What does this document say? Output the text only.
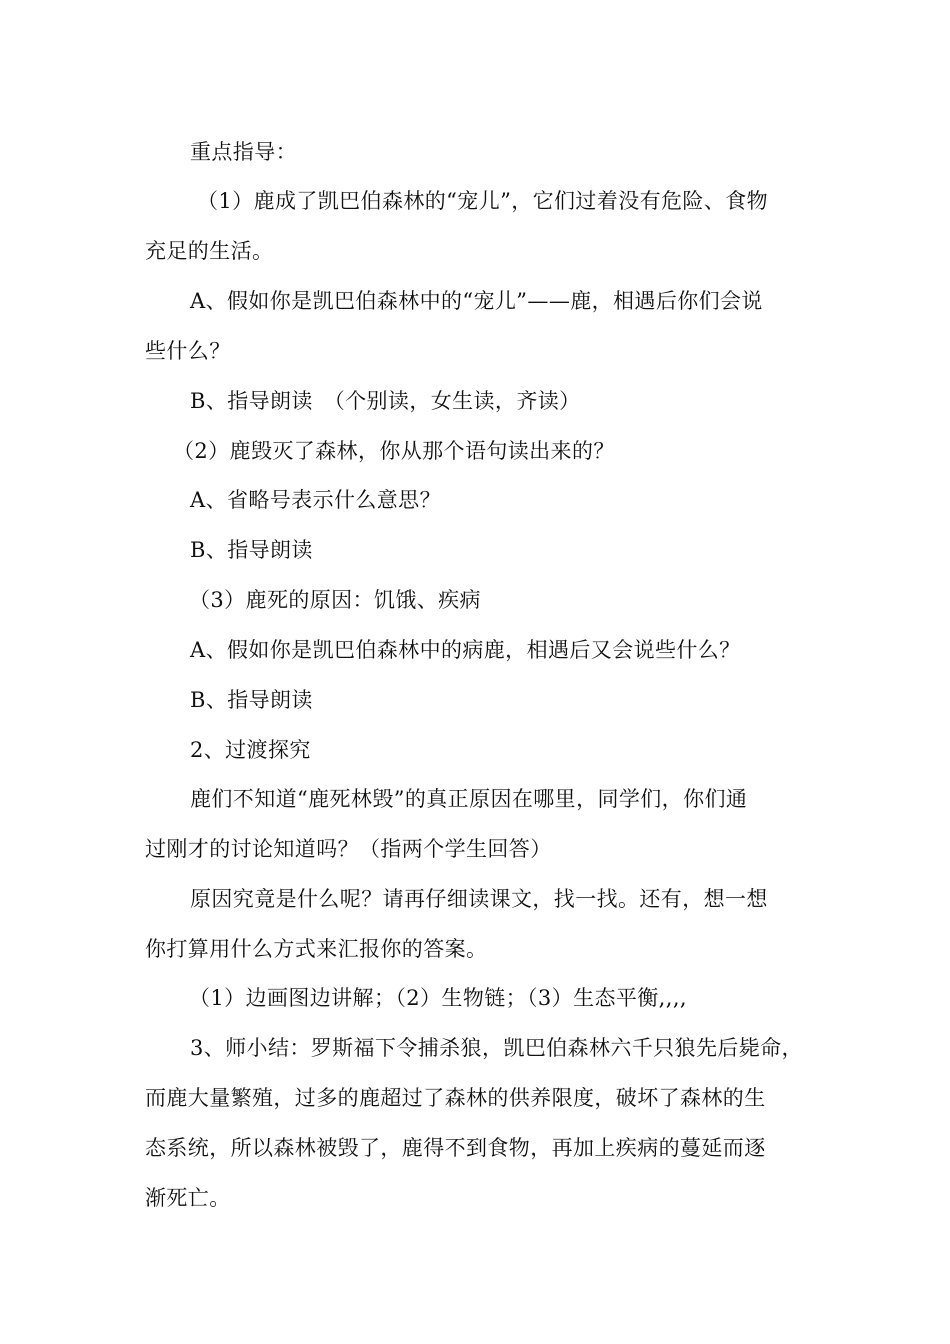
重点指导：
（1）鹿成了凯巴伯森林的“宠儿”，它们过着没有危险、食物
充足的生活。
A、假如你是凯巴伯森林中的“宠儿”——鹿，相遇后你们会说
些什么？
B、指导朗读　（个别读，女生读，齐读）
（2）鹿毁灭了森林，你从那个语句读出来的？
A、省略号表示什么意思？
B、指导朗读
（3）鹿死的原因：饥饿、疾病
A、假如你是凯巴伯森林中的病鹿，相遇后又会说些什么？
B、指导朗读
2、过渡探究
鹿们不知道“鹿死林毁”的真正原因在哪里，同学们，你们通
过刚才的讨论知道吗？（指两个学生回答）
原因究竟是什么呢？请再仔细读课文，找一找。还有，想一想
你打算用什么方式来汇报你的答案。
（1）边画图边讲解；（2）生物链；（3）生态平衡,,,,
3、师小结：罗斯福下令捕杀狼，凯巴伯森林六千只狼先后毙命，
而鹿大量繁殖，过多的鹿超过了森林的供养限度，破坏了森林的生
态系统，所以森林被毁了，鹿得不到食物，再加上疾病的蔓延而逐
渐死亡。
